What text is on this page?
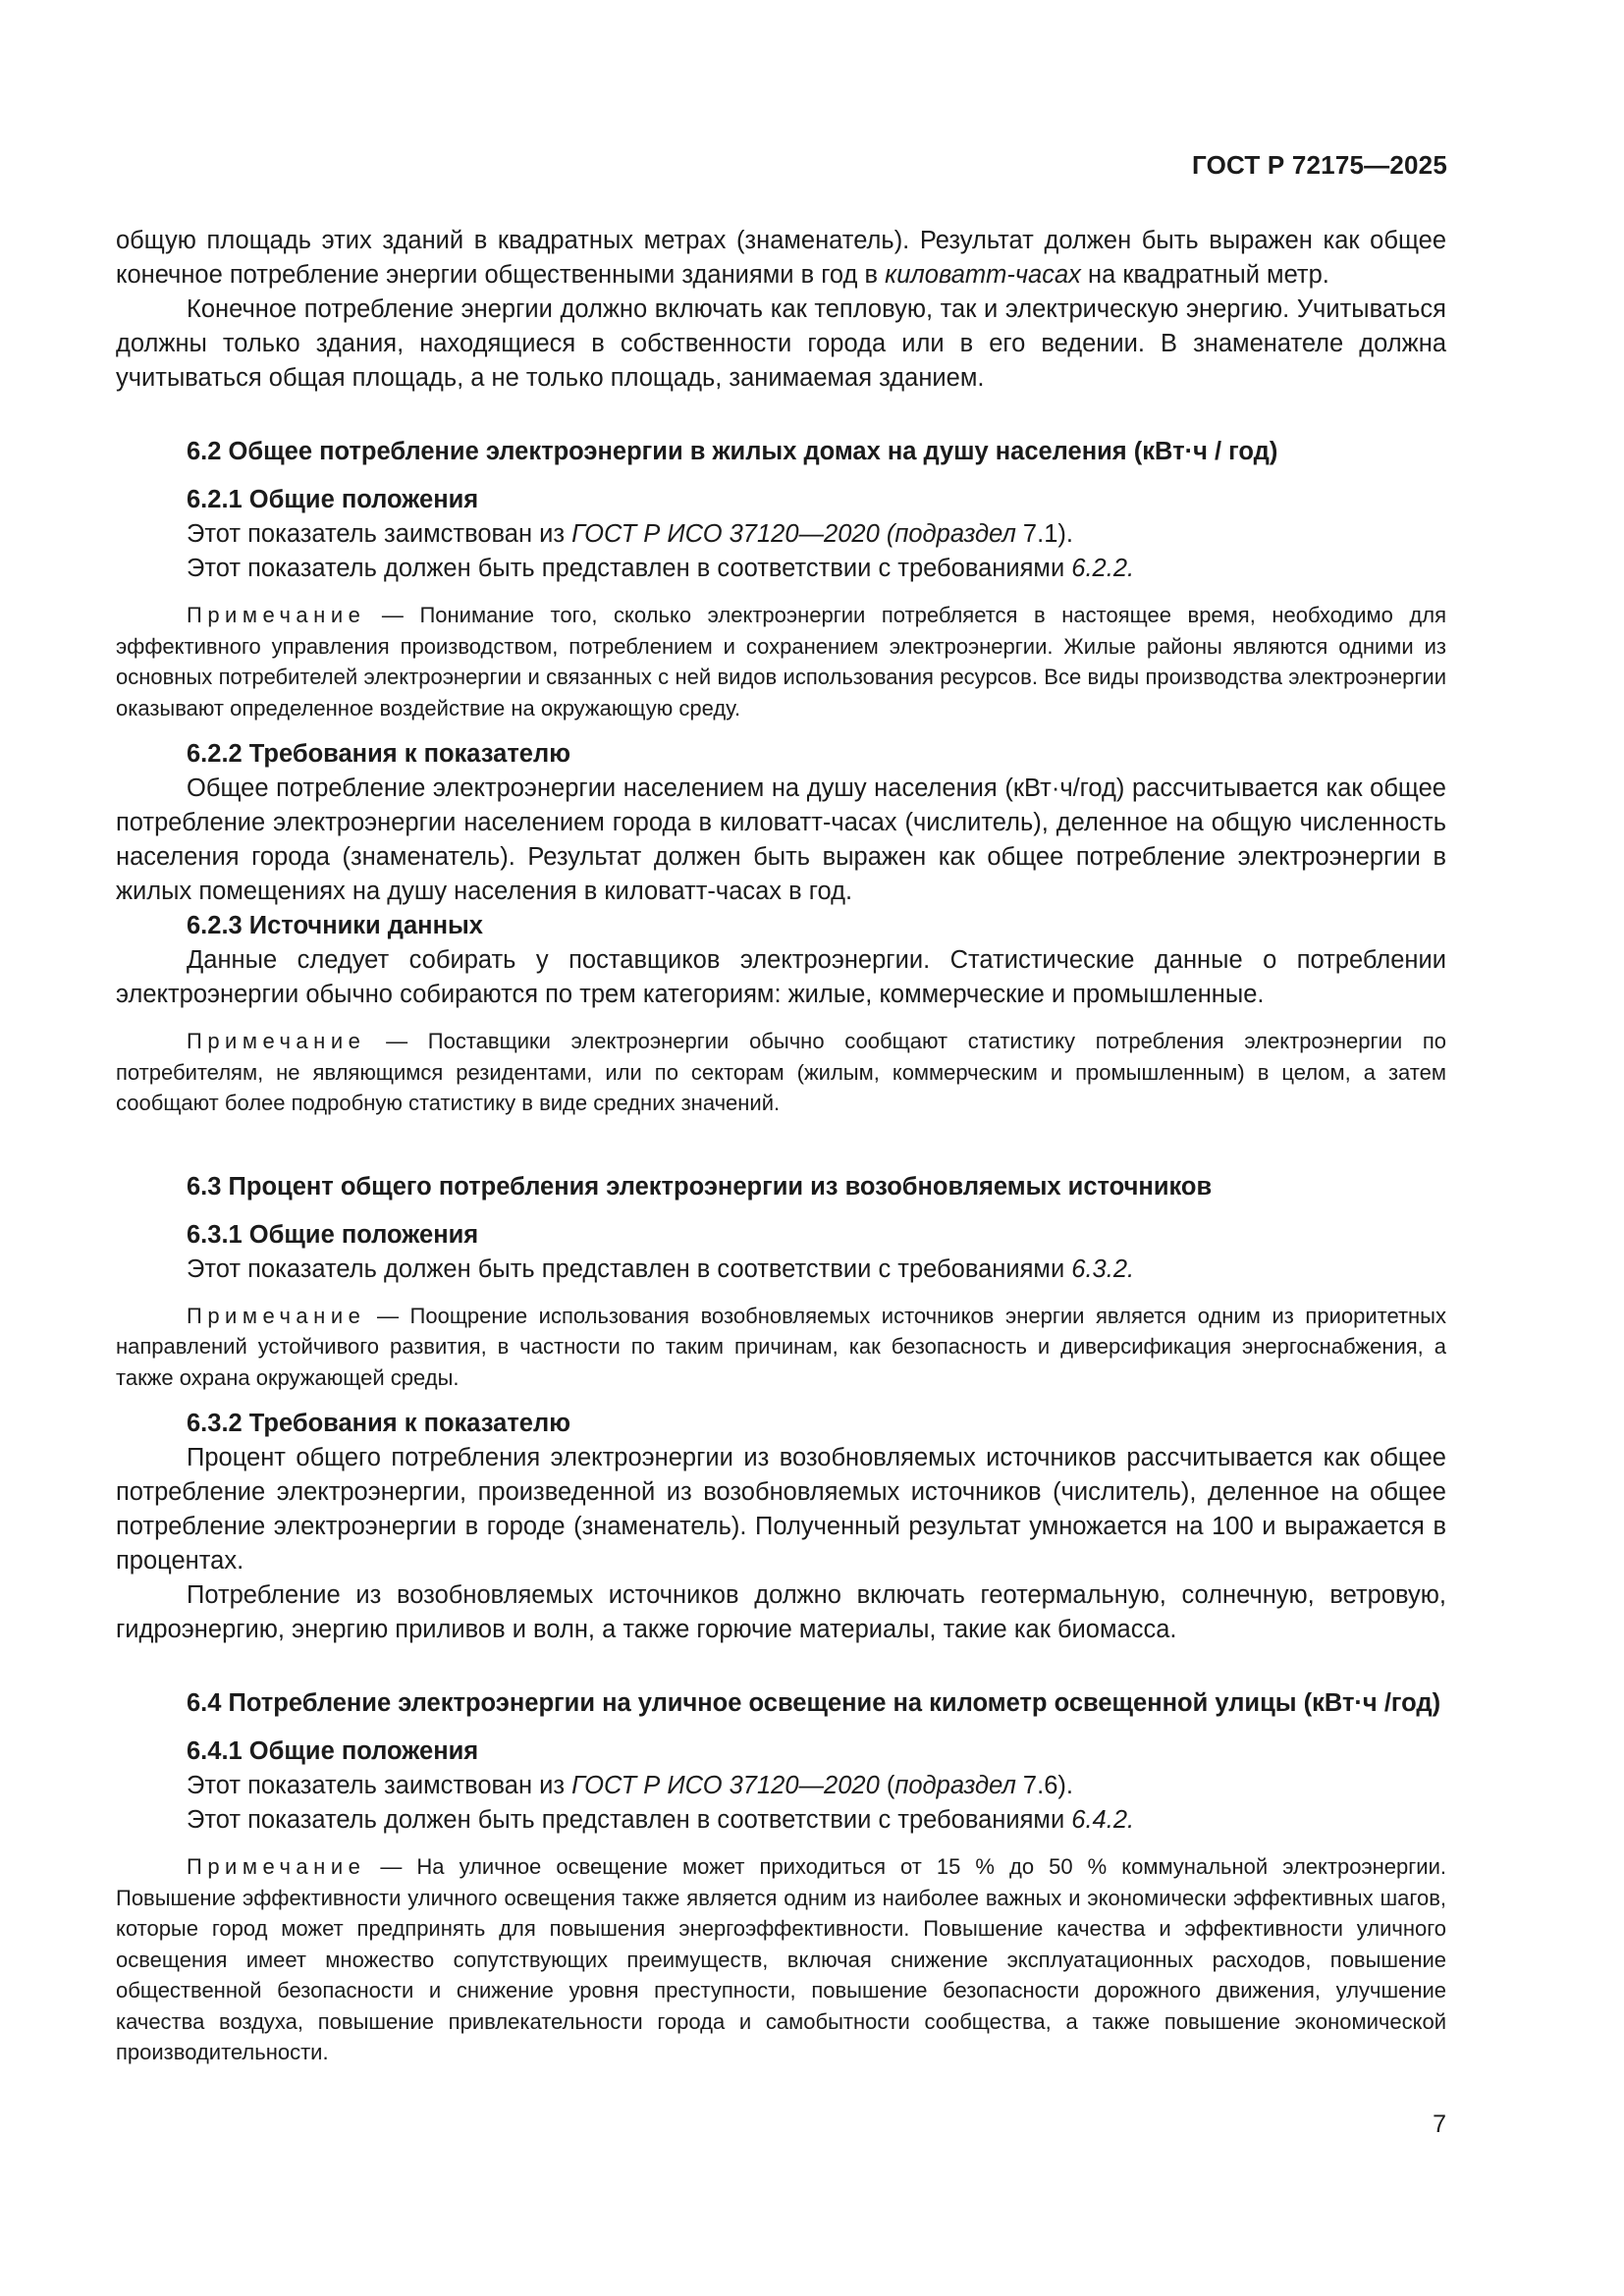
ГОСТ Р 72175—2025

общую площадь этих зданий в квадратных метрах (знаменатель). Результат должен быть выражен как общее конечное потребление энергии общественными зданиями в год в киловатт-часах на квадратный метр.

Конечное потребление энергии должно включать как тепловую, так и электрическую энергию. Учитываться должны только здания, находящиеся в собственности города или в его ведении. В знаменателе должна учитываться общая площадь, а не только площадь, занимаемая зданием.

6.2 Общее потребление электроэнергии в жилых домах на душу населения (кВт·ч / год)
6.2.1 Общие положения

Этот показатель заимствован из ГОСТ Р ИСО 37120—2020 (подраздел 7.1).

Этот показатель должен быть представлен в соответствии с требованиями 6.2.2.

Примечание — Понимание того, сколько электроэнергии потребляется в настоящее время, необходимо для эффективного управления производством, потреблением и сохранением электроэнергии. Жилые районы являются одними из основных потребителей электроэнергии и связанных с ней видов использования ресурсов. Все виды производства электроэнергии оказывают определенное воздействие на окружающую среду.

6.2.2 Требования к показателю

Общее потребление электроэнергии населением на душу населения (кВт·ч/год) рассчитывается как общее потребление электроэнергии населением города в киловатт-часах (числитель), деленное на общую численность населения города (знаменатель). Результат должен быть выражен как общее потребление электроэнергии в жилых помещениях на душу населения в киловатт-часах в год.

6.2.3 Источники данных

Данные следует собирать у поставщиков электроэнергии. Статистические данные о потреблении электроэнергии обычно собираются по трем категориям: жилые, коммерческие и промышленные.

Примечание — Поставщики электроэнергии обычно сообщают статистику потребления электроэнергии по потребителям, не являющимся резидентами, или по секторам (жилым, коммерческим и промышленным) в целом, а затем сообщают более подробную статистику в виде средних значений.

6.3 Процент общего потребления электроэнергии из возобновляемых источников
6.3.1 Общие положения

Этот показатель должен быть представлен в соответствии с требованиями 6.3.2.

Примечание — Поощрение использования возобновляемых источников энергии является одним из приоритетных направлений устойчивого развития, в частности по таким причинам, как безопасность и диверсификация энергоснабжения, а также охрана окружающей среды.

6.3.2 Требования к показателю

Процент общего потребления электроэнергии из возобновляемых источников рассчитывается как общее потребление электроэнергии, произведенной из возобновляемых источников (числитель), деленное на общее потребление электроэнергии в городе (знаменатель). Полученный результат умножается на 100 и выражается в процентах.

Потребление из возобновляемых источников должно включать геотермальную, солнечную, ветровую, гидроэнергию, энергию приливов и волн, а также горючие материалы, такие как биомасса.

6.4 Потребление электроэнергии на уличное освещение на километр освещенной улицы (кВт·ч /год)
6.4.1 Общие положения

Этот показатель заимствован из ГОСТ Р ИСО 37120—2020 (подраздел 7.6).

Этот показатель должен быть представлен в соответствии с требованиями 6.4.2.

Примечание — На уличное освещение может приходиться от 15 % до 50 % коммунальной электроэнергии. Повышение эффективности уличного освещения также является одним из наиболее важных и экономически эффективных шагов, которые город может предпринять для повышения энергоэффективности. Повышение качества и эффективности уличного освещения имеет множество сопутствующих преимуществ, включая снижение эксплуатационных расходов, повышение общественной безопасности и снижение уровня преступности, повышение безопасности дорожного движения, улучшение качества воздуха, повышение привлекательности города и самобытности сообщества, а также повышение экономической производительности.

7
